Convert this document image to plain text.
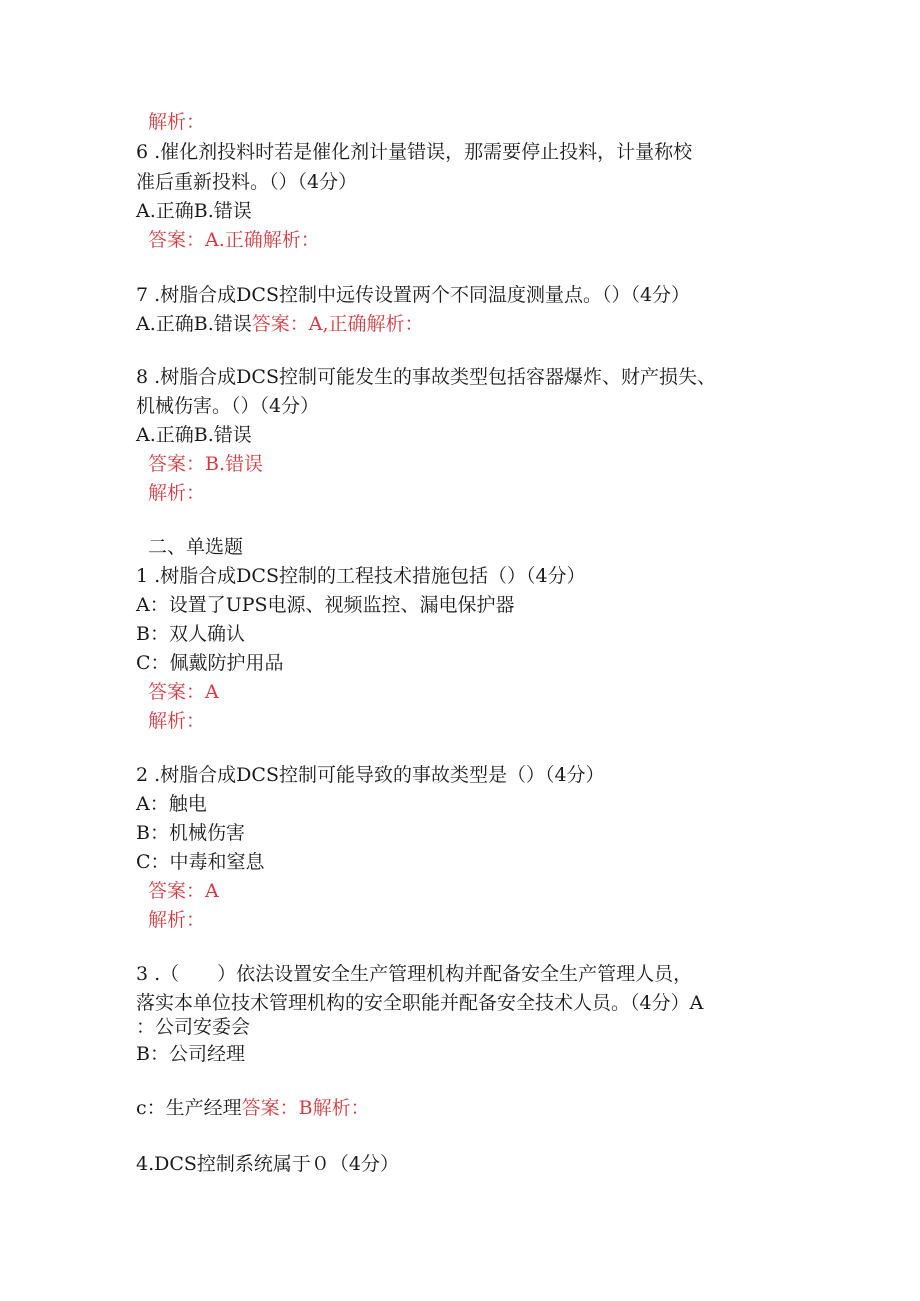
解析：
6 .催化剂投料时若是催化剂计量错误，那需要停止投料，计量称校
准后重新投料。（）（4分）
A.正确B.错误
答案：A.正确解析：
7 .树脂合成DCS控制中远传设置两个不同温度测量点。（）（4分）
A.正确B.错误答案：A,正确解析：
8 .树脂合成DCS控制可能发生的事故类型包括容器爆炸、财产损失、
机械伤害。（）（4分）
A.正确B.错误
答案：B.错误
解析：
二、单选题
1 .树脂合成DCS控制的工程技术措施包括（）（4分）
A：设置了UPS电源、视频监控、漏电保护器
B：双人确认
C：佩戴防护用品
答案：A
解析：
2 .树脂合成DCS控制可能导致的事故类型是（）（4分）
A：触电
B：机械伤害
C：中毒和窒息
答案：A
解析：
3 .（　　）依法设置安全生产管理机构并配备安全生产管理人员，
落实本单位技术管理机构的安全职能并配备安全技术人员。（4分）A
：公司安委会
B：公司经理
c：生产经理答案：B解析：
4.DCS控制系统属于０（4分）
